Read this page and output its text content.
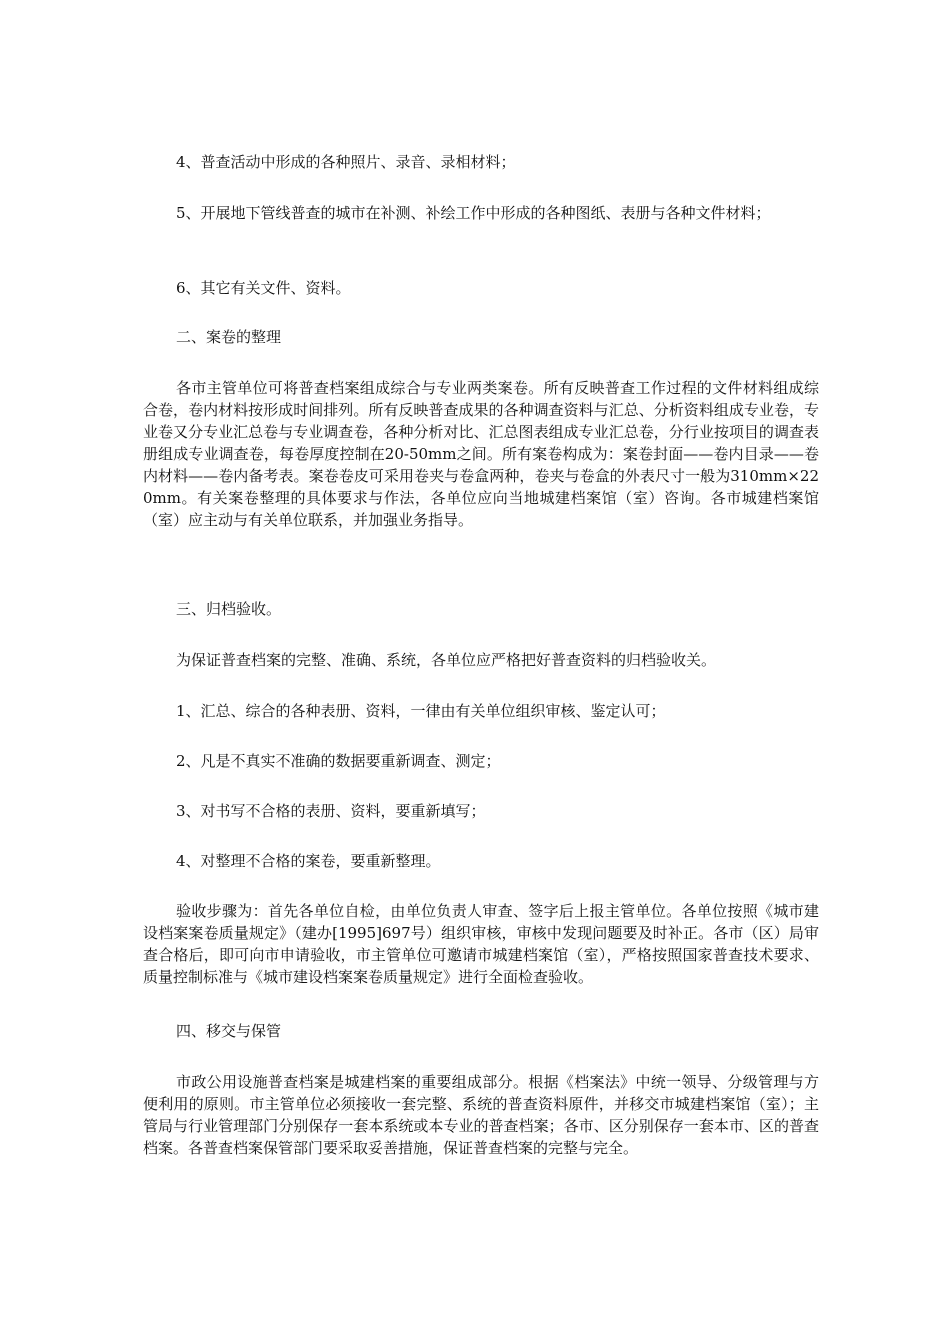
4、普查活动中形成的各种照片、录音、录相材料；

5、开展地下管线普查的城市在补测、补绘工作中形成的各种图纸、表册与各种文件材料；

6、其它有关文件、资料。

二、案卷的整理

各市主管单位可将普查档案组成综合与专业两类案卷。所有反映普查工作过程的文件材料组成综合卷，卷内材料按形成时间排列。所有反映普查成果的各种调查资料与汇总、分析资料组成专业卷，专业卷又分专业汇总卷与专业调查卷，各种分析对比、汇总图表组成专业汇总卷，分行业按项目的调查表册组成专业调查卷，每卷厚度控制在20-50mm之间。所有案卷构成为：案卷封面——卷内目录——卷内材料——卷内备考表。案卷卷皮可采用卷夹与卷盒两种，卷夹与卷盒的外表尺寸一般为310mm×220mm。有关案卷整理的具体要求与作法，各单位应向当地城建档案馆（室）咨询。各市城建档案馆（室）应主动与有关单位联系，并加强业务指导。

三、归档验收。

为保证普查档案的完整、准确、系统，各单位应严格把好普查资料的归档验收关。

1、汇总、综合的各种表册、资料，一律由有关单位组织审核、鉴定认可；

2、凡是不真实不准确的数据要重新调查、测定；

3、对书写不合格的表册、资料，要重新填写；

4、对整理不合格的案卷，要重新整理。

验收步骤为：首先各单位自检，由单位负责人审查、签字后上报主管单位。各单位按照《城市建设档案案卷质量规定》（建办[1995]697号）组织审核，审核中发现问题要及时补正。各市（区）局审查合格后，即可向市申请验收，市主管单位可邀请市城建档案馆（室），严格按照国家普查技术要求、质量控制标准与《城市建设档案案卷质量规定》进行全面检查验收。

四、移交与保管

市政公用设施普查档案是城建档案的重要组成部分。根据《档案法》中统一领导、分级管理与方便利用的原则。市主管单位必须接收一套完整、系统的普查资料原件，并移交市城建档案馆（室）；主管局与行业管理部门分别保存一套本系统或本专业的普查档案；各市、区分别保存一套本市、区的普查档案。各普查档案保管部门要采取妥善措施，保证普查档案的完整与完全。
